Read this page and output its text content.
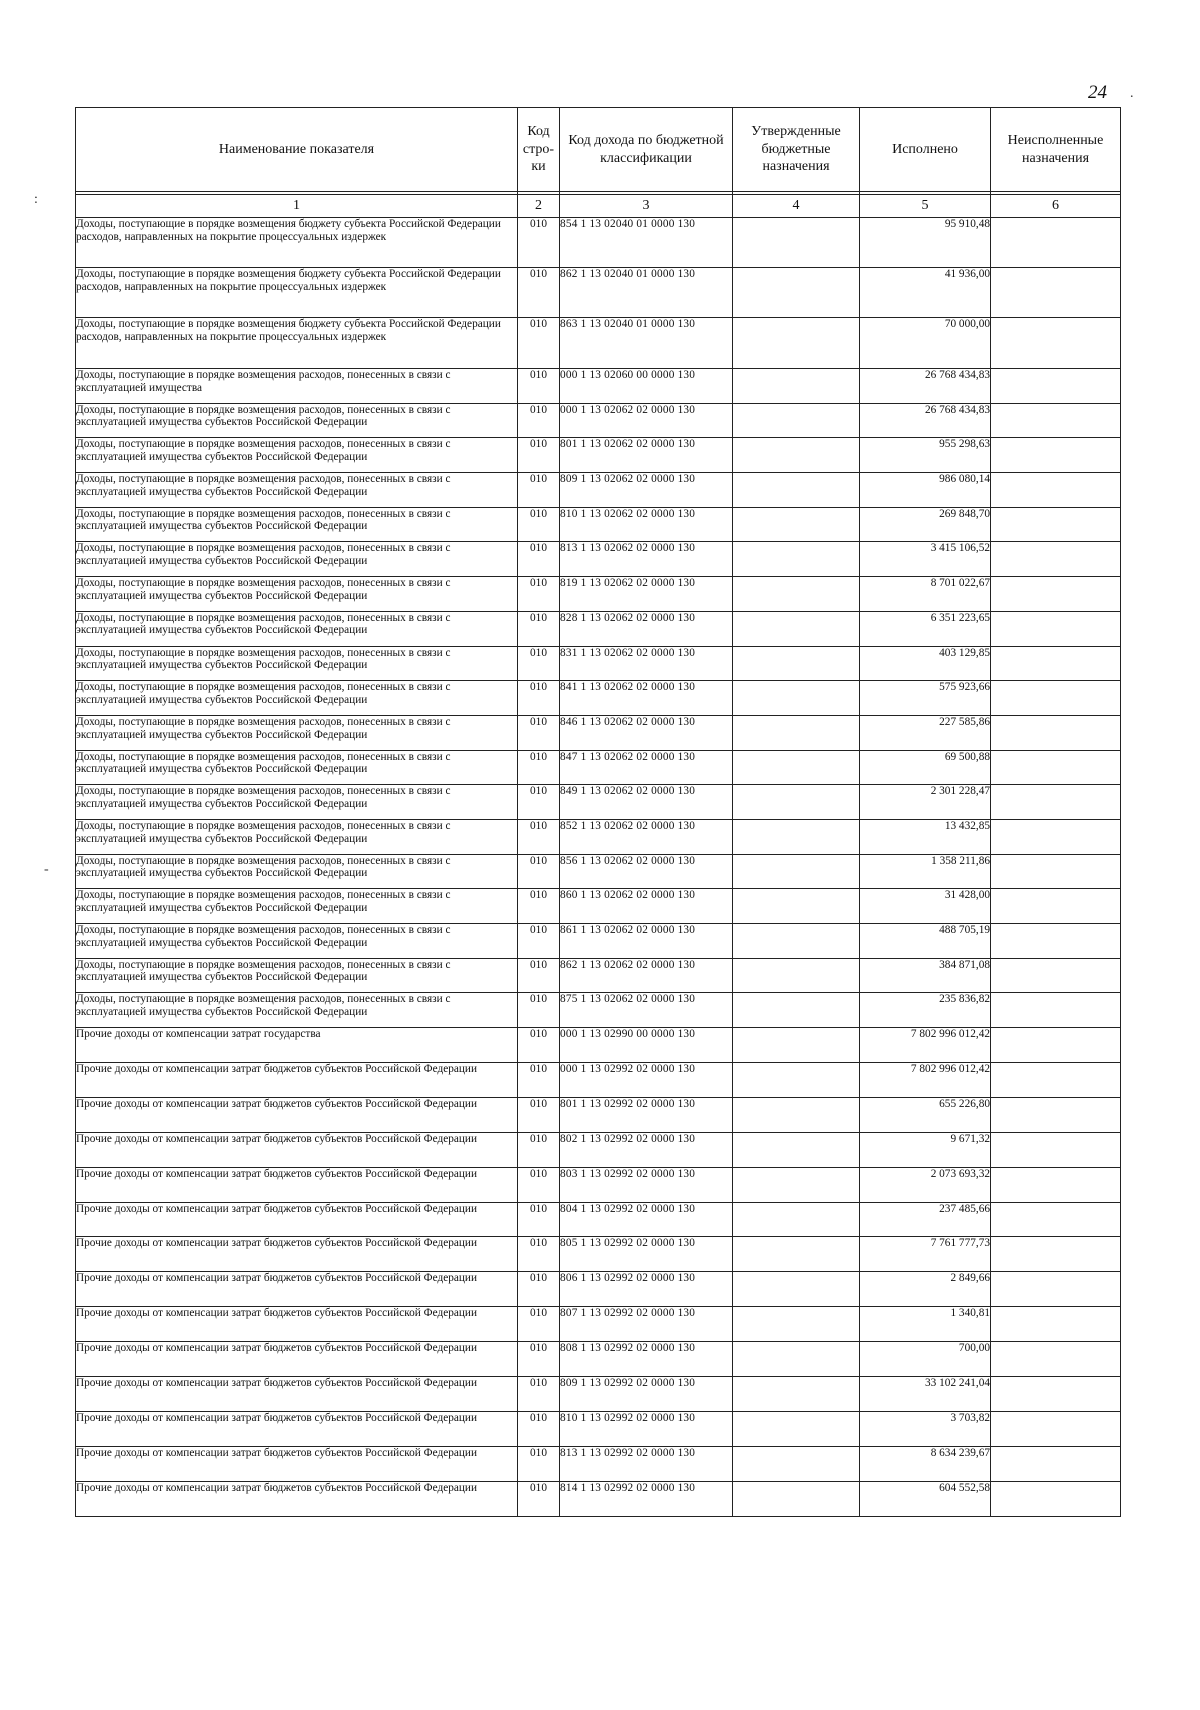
24
:
-
.
Наименование показателя	Код стро-ки	Код дохода по бюджетной классификации	Утвержденные бюджетные назначения	Исполнено	Неисполненные назначения

1	2	3	4	5	6
Доходы, поступающие в порядке возмещения бюджету субъекта Российской Федерации расходов, направленных на покрытие процессуальных издержек	010	854 1 13 02040 01 0000 130		95 910,48	
Доходы, поступающие в порядке возмещения бюджету субъекта Российской Федерации расходов, направленных на покрытие процессуальных издержек	010	862 1 13 02040 01 0000 130		41 936,00	
Доходы, поступающие в порядке возмещения бюджету субъекта Российской Федерации расходов, направленных на покрытие процессуальных издержек	010	863 1 13 02040 01 0000 130		70 000,00	
Доходы, поступающие в порядке возмещения расходов, понесенных в связи с эксплуатацией имущества	010	000 1 13 02060 00 0000 130		26 768 434,83	
Доходы, поступающие в порядке возмещения расходов, понесенных в связи с эксплуатацией имущества субъектов Российской Федерации	010	000 1 13 02062 02 0000 130		26 768 434,83	
Доходы, поступающие в порядке возмещения расходов, понесенных в связи с эксплуатацией имущества субъектов Российской Федерации	010	801 1 13 02062 02 0000 130		955 298,63	
Доходы, поступающие в порядке возмещения расходов, понесенных в связи с эксплуатацией имущества субъектов Российской Федерации	010	809 1 13 02062 02 0000 130		986 080,14	
Доходы, поступающие в порядке возмещения расходов, понесенных в связи с эксплуатацией имущества субъектов Российской Федерации	010	810 1 13 02062 02 0000 130		269 848,70	
Доходы, поступающие в порядке возмещения расходов, понесенных в связи с эксплуатацией имущества субъектов Российской Федерации	010	813 1 13 02062 02 0000 130		3 415 106,52	
Доходы, поступающие в порядке возмещения расходов, понесенных в связи с эксплуатацией имущества субъектов Российской Федерации	010	819 1 13 02062 02 0000 130		8 701 022,67	
Доходы, поступающие в порядке возмещения расходов, понесенных в связи с эксплуатацией имущества субъектов Российской Федерации	010	828 1 13 02062 02 0000 130		6 351 223,65	
Доходы, поступающие в порядке возмещения расходов, понесенных в связи с эксплуатацией имущества субъектов Российской Федерации	010	831 1 13 02062 02 0000 130		403 129,85	
Доходы, поступающие в порядке возмещения расходов, понесенных в связи с эксплуатацией имущества субъектов Российской Федерации	010	841 1 13 02062 02 0000 130		575 923,66	
Доходы, поступающие в порядке возмещения расходов, понесенных в связи с эксплуатацией имущества субъектов Российской Федерации	010	846 1 13 02062 02 0000 130		227 585,86	
Доходы, поступающие в порядке возмещения расходов, понесенных в связи с эксплуатацией имущества субъектов Российской Федерации	010	847 1 13 02062 02 0000 130		69 500,88	
Доходы, поступающие в порядке возмещения расходов, понесенных в связи с эксплуатацией имущества субъектов Российской Федерации	010	849 1 13 02062 02 0000 130		2 301 228,47	
Доходы, поступающие в порядке возмещения расходов, понесенных в связи с эксплуатацией имущества субъектов Российской Федерации	010	852 1 13 02062 02 0000 130		13 432,85	
Доходы, поступающие в порядке возмещения расходов, понесенных в связи с эксплуатацией имущества субъектов Российской Федерации	010	856 1 13 02062 02 0000 130		1 358 211,86	
Доходы, поступающие в порядке возмещения расходов, понесенных в связи с эксплуатацией имущества субъектов Российской Федерации	010	860 1 13 02062 02 0000 130		31 428,00	
Доходы, поступающие в порядке возмещения расходов, понесенных в связи с эксплуатацией имущества субъектов Российской Федерации	010	861 1 13 02062 02 0000 130		488 705,19	
Доходы, поступающие в порядке возмещения расходов, понесенных в связи с эксплуатацией имущества субъектов Российской Федерации	010	862 1 13 02062 02 0000 130		384 871,08	
Доходы, поступающие в порядке возмещения расходов, понесенных в связи с эксплуатацией имущества субъектов Российской Федерации	010	875 1 13 02062 02 0000 130		235 836,82	
Прочие доходы от компенсации затрат государства	010	000 1 13 02990 00 0000 130		7 802 996 012,42	
Прочие доходы от компенсации затрат бюджетов субъектов Российской Федерации	010	000 1 13 02992 02 0000 130		7 802 996 012,42	
Прочие доходы от компенсации затрат бюджетов субъектов Российской Федерации	010	801 1 13 02992 02 0000 130		655 226,80	
Прочие доходы от компенсации затрат бюджетов субъектов Российской Федерации	010	802 1 13 02992 02 0000 130		9 671,32	
Прочие доходы от компенсации затрат бюджетов субъектов Российской Федерации	010	803 1 13 02992 02 0000 130		2 073 693,32	
Прочие доходы от компенсации затрат бюджетов субъектов Российской Федерации	010	804 1 13 02992 02 0000 130		237 485,66	
Прочие доходы от компенсации затрат бюджетов субъектов Российской Федерации	010	805 1 13 02992 02 0000 130		7 761 777,73	
Прочие доходы от компенсации затрат бюджетов субъектов Российской Федерации	010	806 1 13 02992 02 0000 130		2 849,66	
Прочие доходы от компенсации затрат бюджетов субъектов Российской Федерации	010	807 1 13 02992 02 0000 130		1 340,81	
Прочие доходы от компенсации затрат бюджетов субъектов Российской Федерации	010	808 1 13 02992 02 0000 130		700,00	
Прочие доходы от компенсации затрат бюджетов субъектов Российской Федерации	010	809 1 13 02992 02 0000 130		33 102 241,04	
Прочие доходы от компенсации затрат бюджетов субъектов Российской Федерации	010	810 1 13 02992 02 0000 130		3 703,82	
Прочие доходы от компенсации затрат бюджетов субъектов Российской Федерации	010	813 1 13 02992 02 0000 130		8 634 239,67	
Прочие доходы от компенсации затрат бюджетов субъектов Российской Федерации	010	814 1 13 02992 02 0000 130		604 552,58	
